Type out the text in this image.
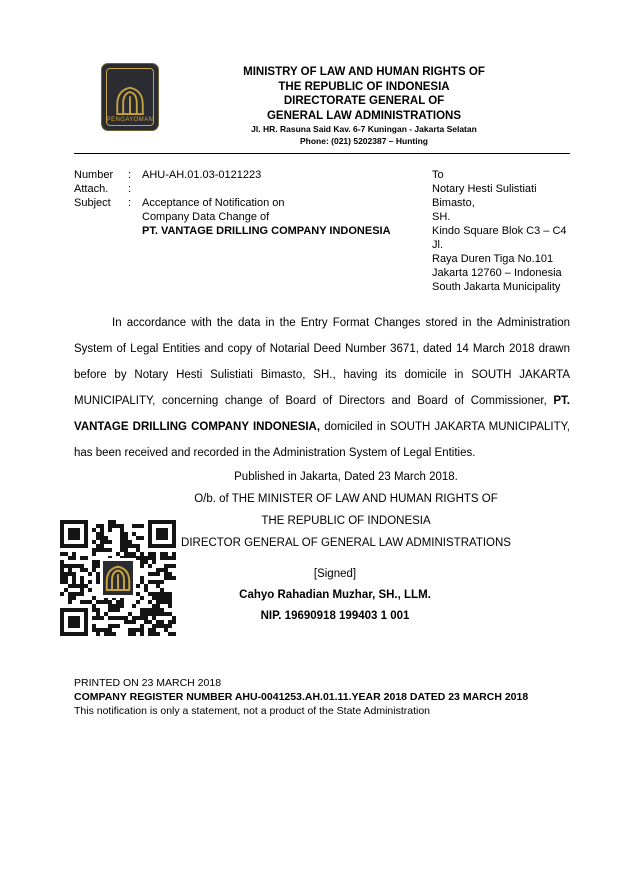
PENGAYOMAN
MINISTRY OF LAW AND HUMAN RIGHTS OF
THE REPUBLIC OF INDONESIA
DIRECTORATE GENERAL OF
GENERAL LAW ADMINISTRATIONS
Jl. HR. Rasuna Said Kav. 6-7 Kuningan - Jakarta Selatan
Phone: (021) 5202387 – Hunting
Number	: AHU-AH.01.03-0121223
Attach.	:
Subject	: Acceptance of Notification on
Company Data Change of
PT. VANTAGE DRILLING COMPANY INDONESIA
To
Notary Hesti Sulistiati Bimasto,
SH.
Kindo Square Blok C3 – C4 Jl.
Raya Duren Tiga No.101
Jakarta 12760 – Indonesia
South Jakarta Municipality

In accordance with the data in the Entry Format Changes stored in the Administration System of Legal Entities and copy of Notarial Deed Number 3671, dated 14 March 2018 drawn before by Notary Hesti Sulistiati Bimasto, SH., having its domicile in SOUTH JAKARTA MUNICIPALITY, concerning change of Board of Directors and Board of Commissioner, PT. VANTAGE DRILLING COMPANY INDONESIA, domiciled in SOUTH JAKARTA MUNICIPALITY, has been received and recorded in the Administration System of Legal Entities.

Published in Jakarta, Dated 23 March 2018.
O/b. of THE MINISTER OF LAW AND HUMAN RIGHTS OF
THE REPUBLIC OF INDONESIA
DIRECTOR GENERAL OF GENERAL LAW ADMINISTRATIONS
[Signed]
Cahyo Rahadian Muzhar, SH., LLM.
NIP. 19690918 199403 1 001
PRINTED ON 23 MARCH 2018
COMPANY REGISTER NUMBER AHU-0041253.AH.01.11.YEAR 2018 DATED 23 MARCH 2018
This notification is only a statement, not a product of the State Administration
